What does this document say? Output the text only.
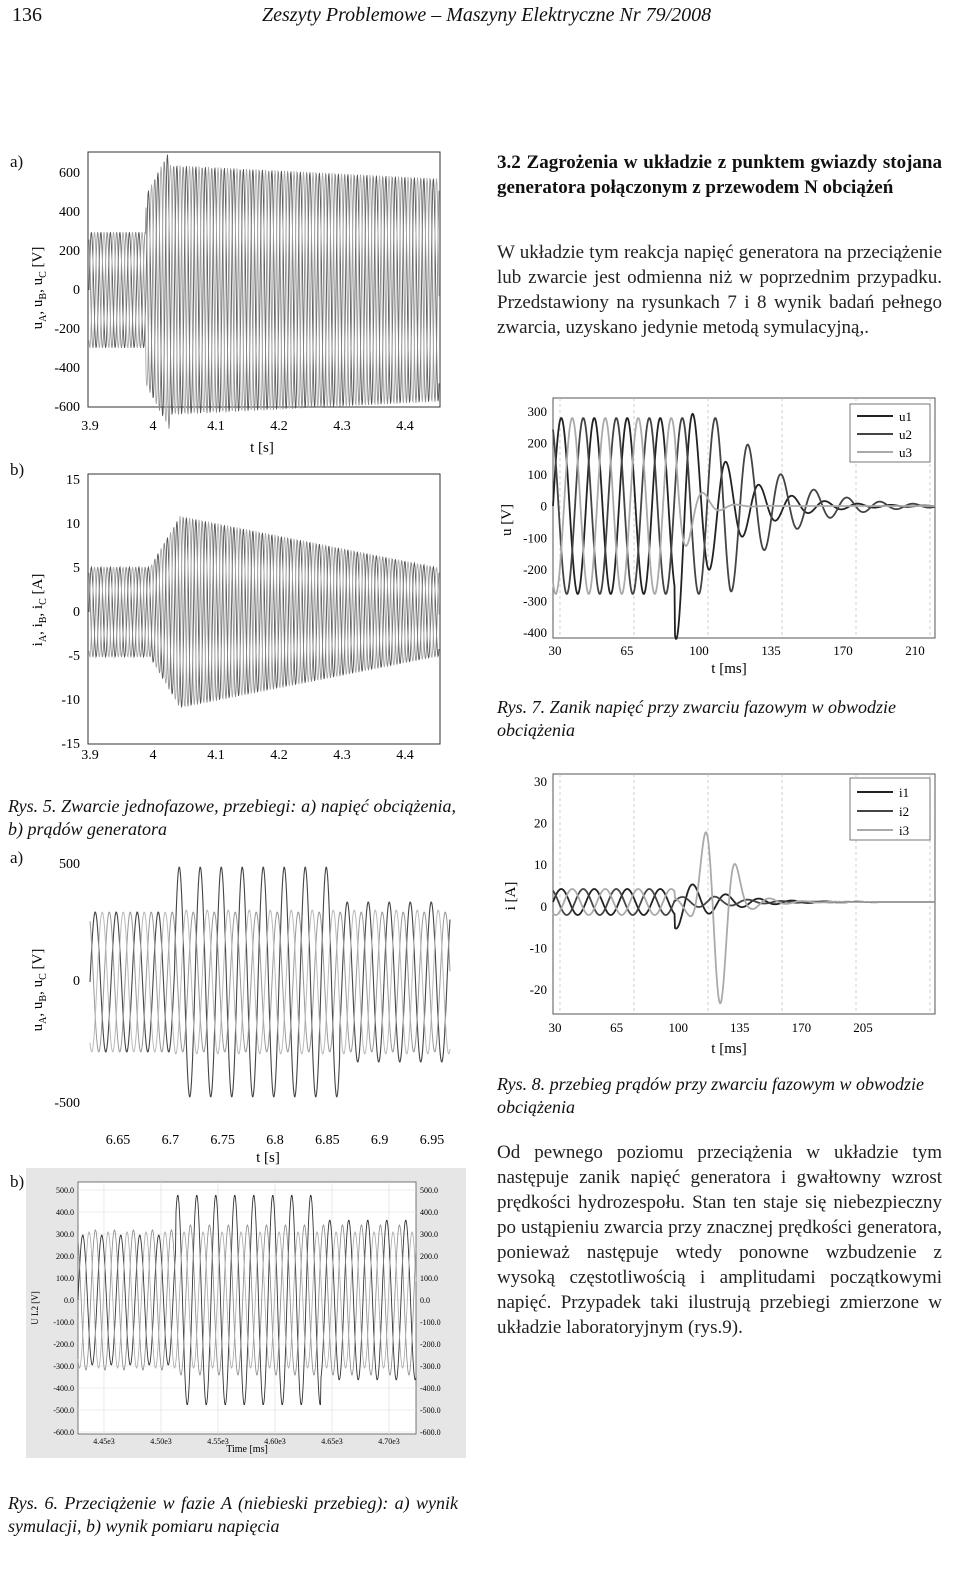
136	Zeszyty Problemowe – Maszyny Elektryczne Nr 79/2008
a)
b)
600
400
200
0
-200
-400
-600
3.9	4	4.1	4.2	4.3	4.4
t [s]
$u_A$, $u_B$, $u_C$ [V]
15
10
5
0
-5
-10
-15
3.9	4	4.1	4.2	4.3	4.4
$i_A$, $i_B$, $i_C$ [A]
Rys. 5. Zwarcie jednofazowe, przebiegi: a) napięć obciążenia, b) prądów generatora
a)	500
0
-500
6.65 6.7 6.75 6.8 6.85 6.9 6.95
t [s]
$u_A$, $u_B$, $u_C$ [V]
b)	500.0
400.0
300.0
200.0
100.0
0.0
-100.0
-200.0
-300.0
-400.0
-500.0
-600.0
500.0
400.0
300.0
200.0
100.0
0.0
-100.0
-200.0
-300.0
-400.0
-500.0
-600.0
4.45e3	4.50e3	4.55e3	4.60e3	4.65e3	4.70e3
Time [ms]
U L2 [V]
Rys. 6. Przeciążenie w fazie A (niebieski przebieg): a) wynik symulacji, b) wynik pomiaru napięcia
3.2 Zagrożenia w układzie z punktem gwiazdy stojana generatora połączonym z przewodem N obciążeń
W układzie tym reakcja napięć generatora na przeciążenie lub zwarcie jest odmienna niż w poprzednim przypadku. Przedstawiony na rysunkach 7 i 8 wynik badań pełnego zwarcia, uzyskano jedynie metodą symulacyjną,.
300
200
100
0
-100
-200
-300
-400
30	65	100	135	170	210
t [ms]
u [V]
u1
u2
u3
Rys. 7. Zanik napięć przy zwarciu fazowym w obwodzie obciążenia
30
20
10
0
-10
-20
30	65	100	135	170	205
t [ms]
i [A]
i1
i2
i3
Rys. 8. przebieg prądów przy zwarciu fazowym w obwodzie obciążenia
Od pewnego poziomu przeciążenia w układzie tym następuje zanik napięć generatora i gwałtowny wzrost prędkości hydrozespołu. Stan ten staje się niebezpieczny po ustąpieniu zwarcia przy znacznej prędkości generatora, ponieważ następuje wtedy ponowne wzbudzenie z wysoką częstotliwością i amplitudami początkowymi napięć. Przypadek taki ilustrują przebiegi zmierzone w układzie laboratoryjnym (rys.9).
